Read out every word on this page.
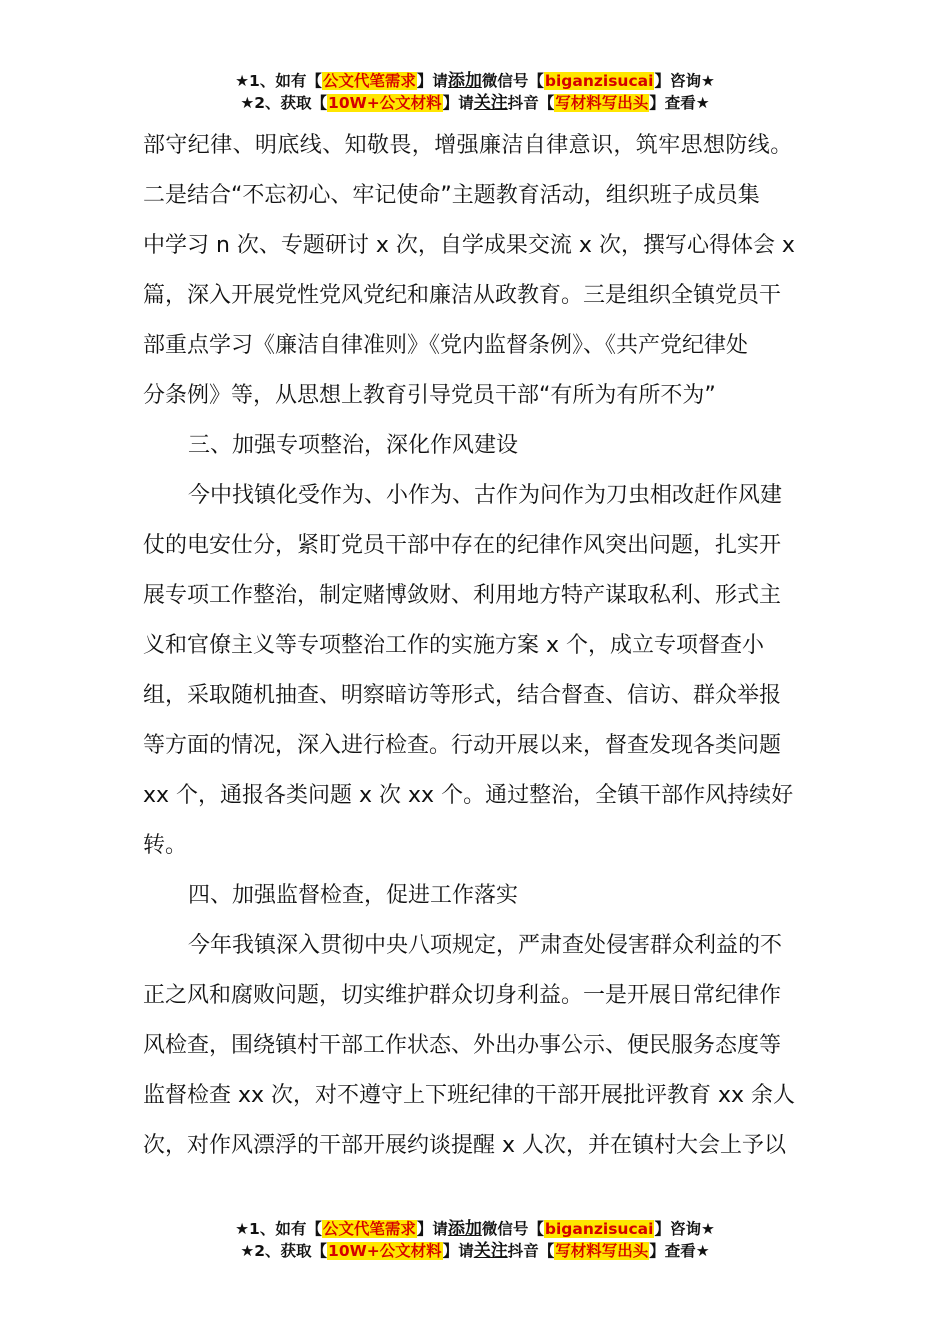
★1、如有【公文代笔需求】请添加微信号【biganzisucai】咨询★
★2、获取【10W+公文材料】请关注抖音【写材料写出头】查看★
部守纪律、明底线、知敬畏，增强廉洁自律意识，筑牢思想防线。
二是结合“不忘初心、牢记使命”主题教育活动，组织班子成员集
中学习 n 次、专题研讨 x 次，自学成果交流 x 次，撰写心得体会 x
篇，深入开展党性党风党纪和廉洁从政教育。三是组织全镇党员干
部重点学习《廉洁自律准则》《党内监督条例》、《共产党纪律处
分条例》等，从思想上教育引导党员干部“有所为有所不为”
三、加强专项整治，深化作风建设
今中找镇化受作为、小作为、古作为问作为刀虫相改赶作风建
仗的电安仕分，紧盯党员干部中存在的纪律作风突出问题，扎实开
展专项工作整治，制定赌博敛财、利用地方特产谋取私利、形式主
义和官僚主义等专项整治工作的实施方案 x 个，成立专项督查小
组，采取随机抽查、明察暗访等形式，结合督查、信访、群众举报
等方面的情况，深入进行检查。行动开展以来，督查发现各类问题
xx 个，通报各类问题 x 次 xx 个。通过整治，全镇干部作风持续好
转。
四、加强监督检查，促进工作落实
今年我镇深入贯彻中央八项规定，严肃查处侵害群众利益的不
正之风和腐败问题，切实维护群众切身利益。一是开展日常纪律作
风检查，围绕镇村干部工作状态、外出办事公示、便民服务态度等
监督检查 xx 次，对不遵守上下班纪律的干部开展批评教育 xx 余人
次，对作风漂浮的干部开展约谈提醒 x 人次，并在镇村大会上予以
★1、如有【公文代笔需求】请添加微信号【biganzisucai】咨询★
★2、获取【10W+公文材料】请关注抖音【写材料写出头】查看★
